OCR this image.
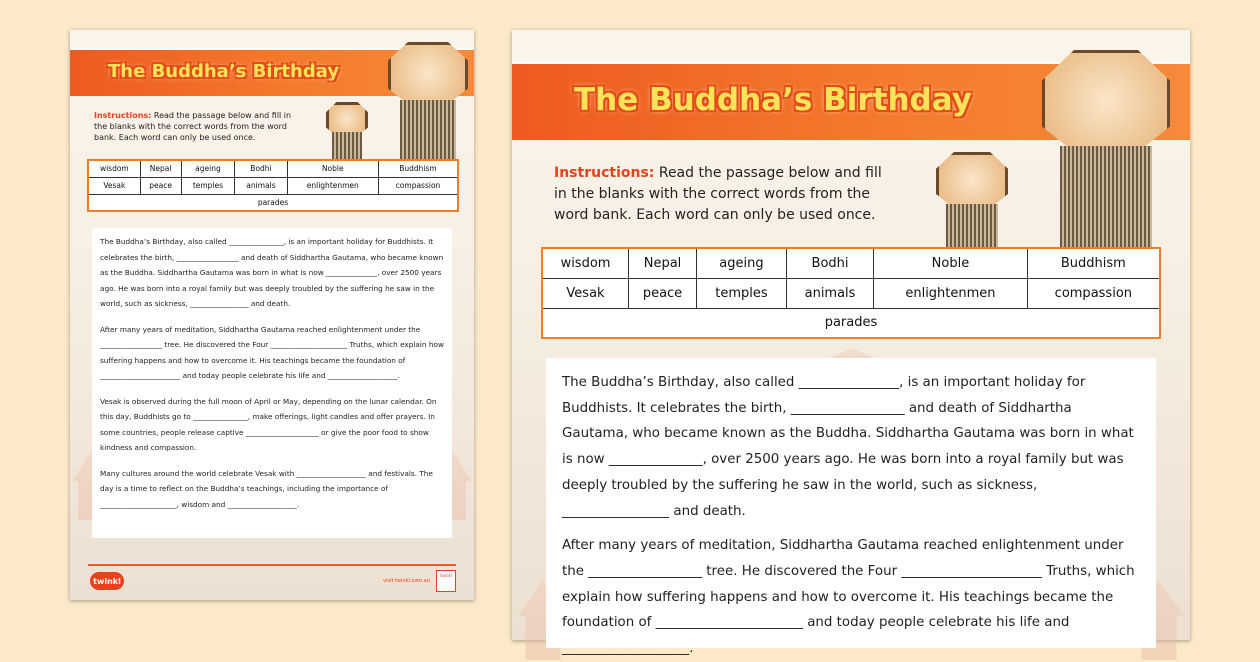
The Buddha’s Birthday
Instructions: Read the passage below and fill in the blanks with the correct words from the word bank. Each word can only be used once.
wisdom	Nepal	ageing	Bodhi	Noble	Buddhism
Vesak	peace	temples	animals	enlightenmen	compassion
parades					

The Buddha’s Birthday, also called _______________, is an important holiday for Buddhists. It celebrates the birth, _________________ and death of Siddhartha Gautama, who became known as the Buddha. Siddhartha Gautama was born in what is now ______________, over 2500 years ago. He was born into a royal family but was deeply troubled by the suffering he saw in the world, such as sickness, ________________ and death.

After many years of meditation, Siddhartha Gautama reached enlightenment under the _________________ tree. He discovered the Four _____________________ Truths, which explain how suffering happens and how to overcome it. His teachings became the foundation of ______________________ and today people celebrate his life and ___________________.

Vesak is observed during the full moon of April or May, depending on the lunar calendar. On this day, Buddhists go to _______________, make offerings, light candles and offer prayers. In some countries, people release captive ____________________ or give the poor food to show kindness and compassion.

Many cultures around the world celebrate Vesak with ___________________ and festivals. The day is a time to reflect on the Buddha’s teachings, including the importance of _____________________, wisdom and ___________________.

twinkl	visit twinkl.com.au
twinkl
The Buddha’s Birthday
Instructions: Read the passage below and fill in the blanks with the correct words from the word bank. Each word can only be used once.
wisdom	Nepal	ageing	Bodhi	Noble	Buddhism
Vesak	peace	temples	animals	enlightenmen	compassion
parades					

The Buddha’s Birthday, also called _______________, is an important holiday for Buddhists. It celebrates the birth, _________________ and death of Siddhartha Gautama, who became known as the Buddha. Siddhartha Gautama was born in what is now ______________, over 2500 years ago. He was born into a royal family but was deeply troubled by the suffering he saw in the world, such as sickness, ________________ and death.

After many years of meditation, Siddhartha Gautama reached enlightenment under the _________________ tree. He discovered the Four _____________________ Truths, which explain how suffering happens and how to overcome it. His teachings became the foundation of ______________________ and today people celebrate his life and ___________________.
